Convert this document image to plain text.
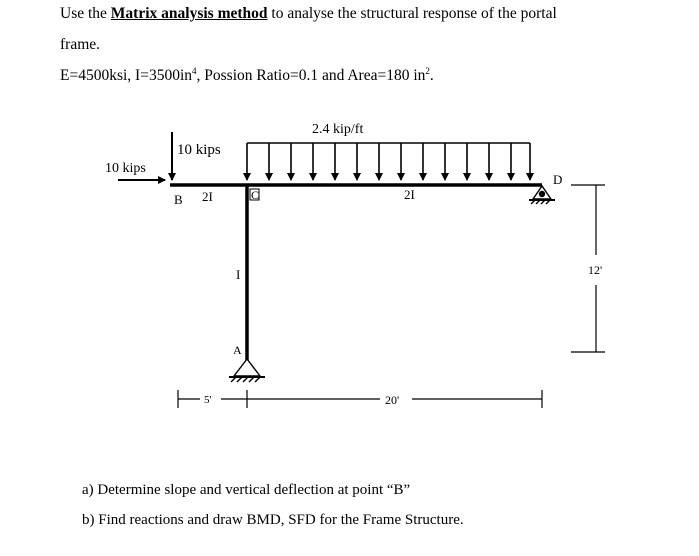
Use the Matrix analysis method to analyse the structural response of the portal
frame.
E=4500ksi, $I=3500in^4$, Possion Ratio=0.1 and Area=180 $in^2$.
2.4 kip/ft
10 kips
10 kips
B 2I	C	2I
I
A
D
5'	20'
12'
a) Determine slope and vertical deflection at point “B”
b) Find reactions and draw BMD, SFD for the Frame Structure.
